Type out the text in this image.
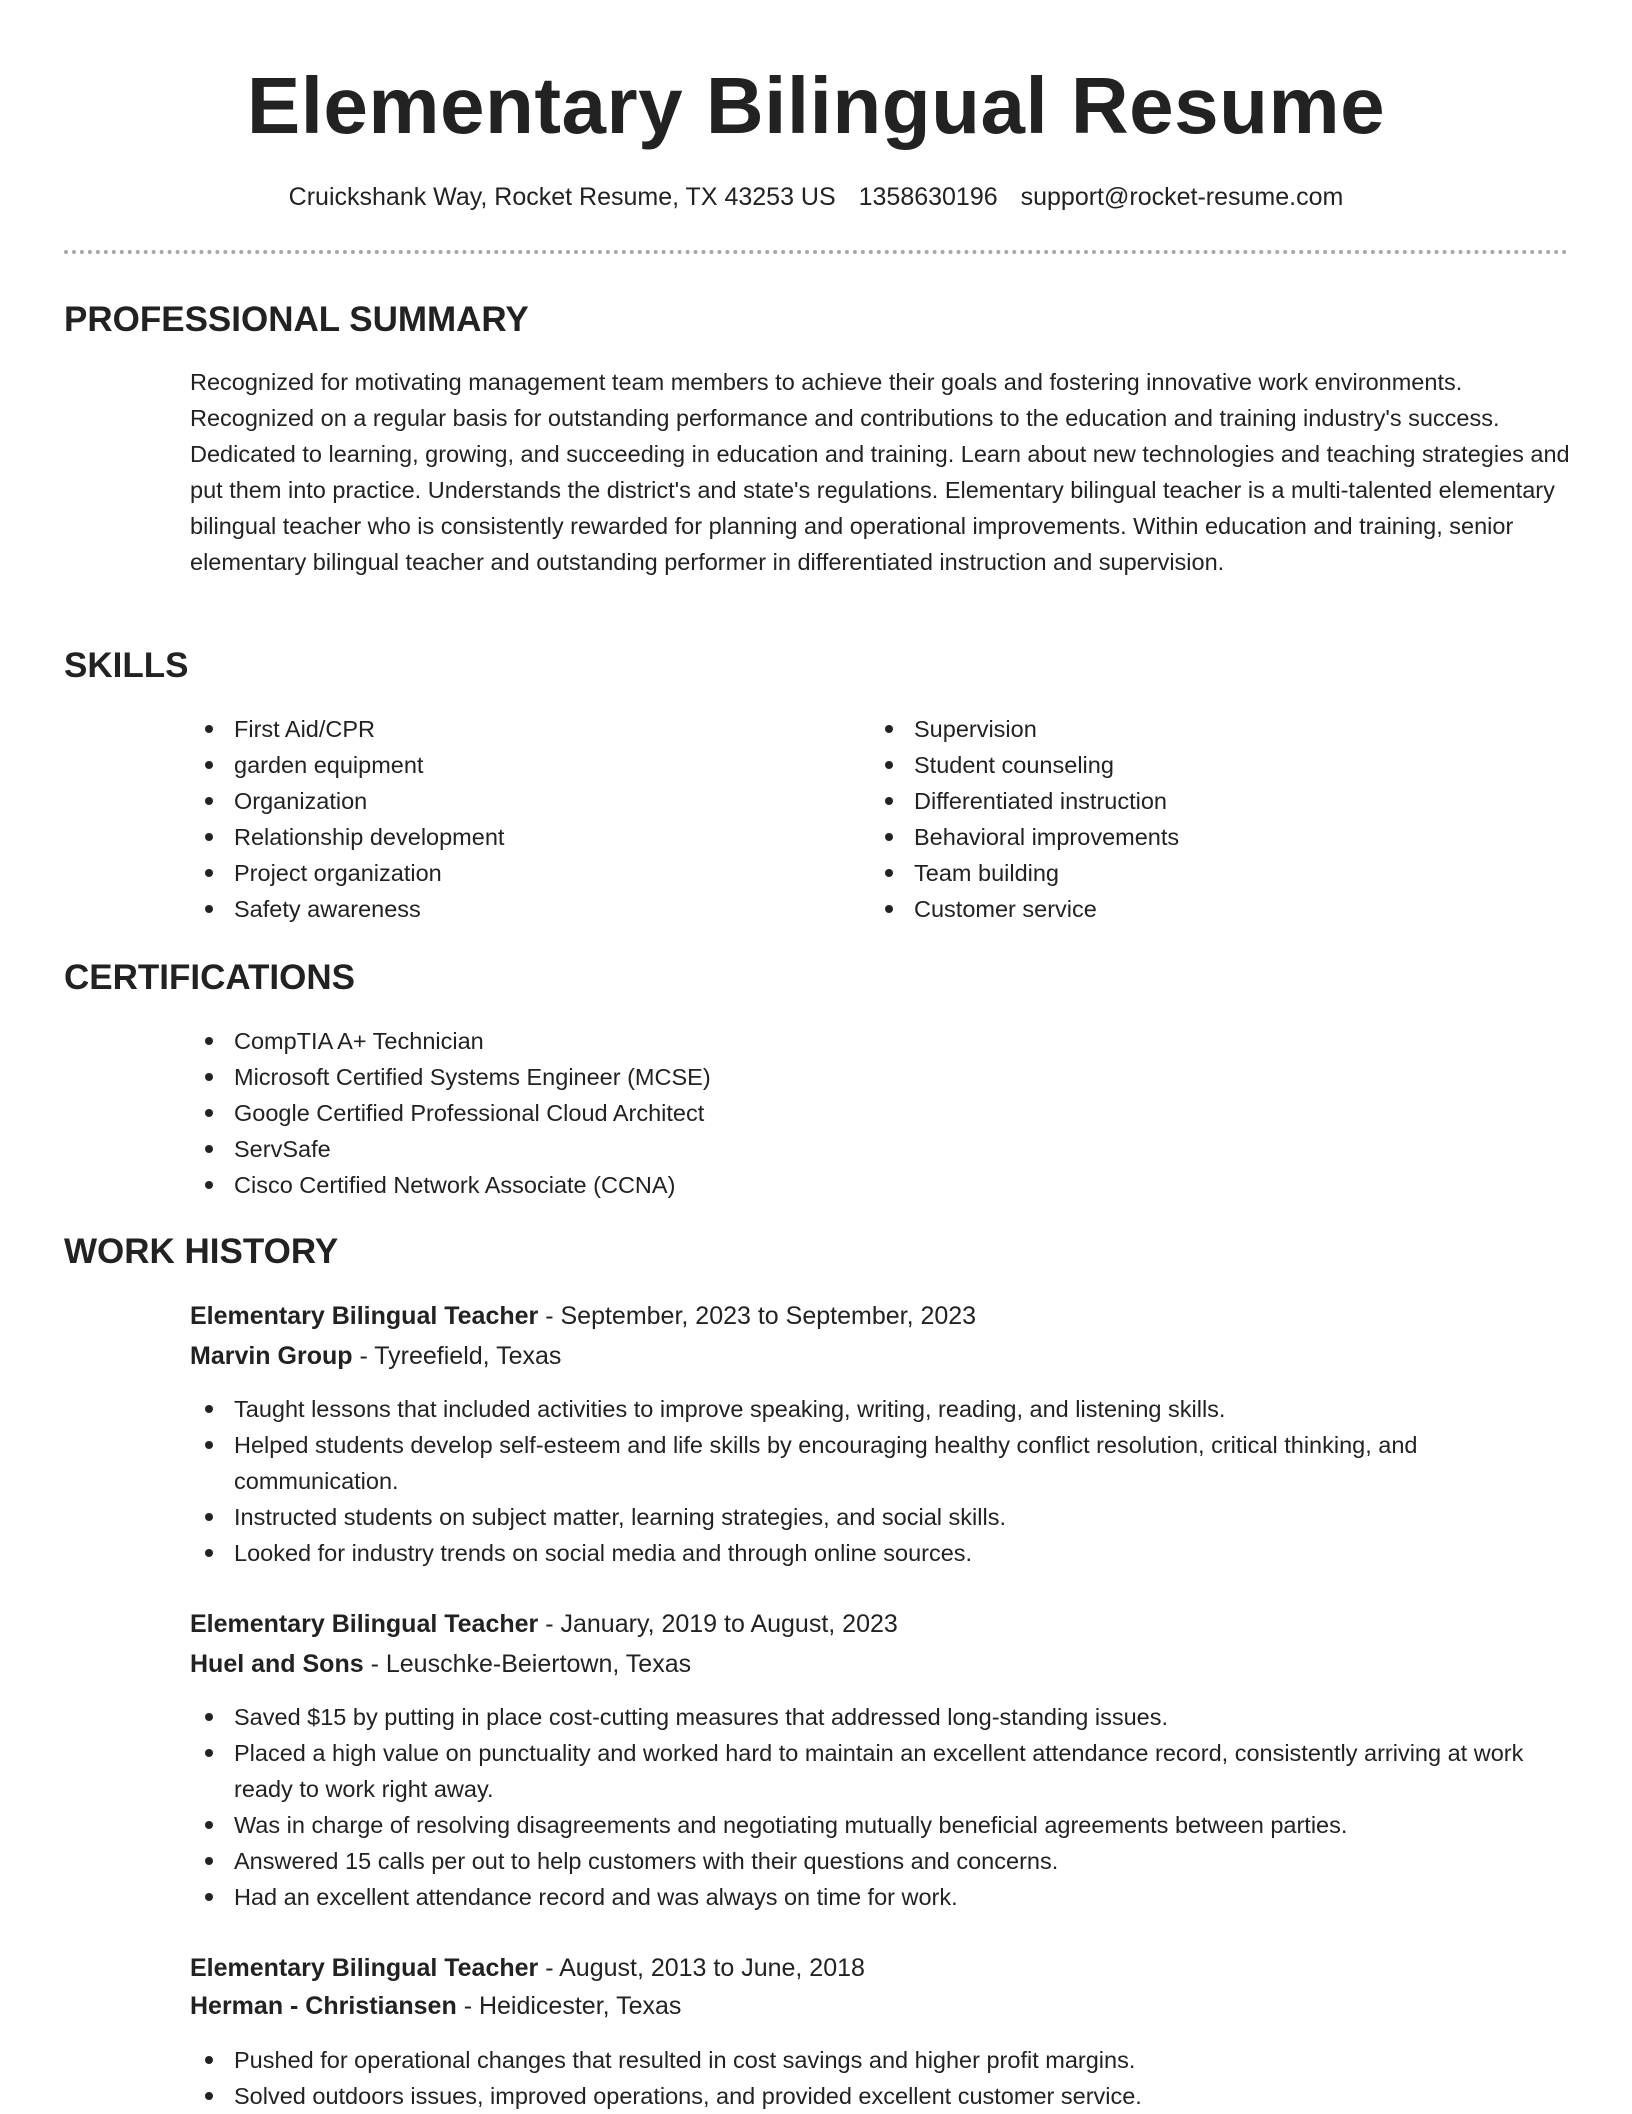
Elementary Bilingual Resume
Cruickshank Way, Rocket Resume, TX 43253 US 1358630196 support@rocket-resume.com
PROFESSIONAL SUMMARY

Recognized for motivating management team members to achieve their goals and fostering innovative work environments. Recognized on a regular basis for outstanding performance and contributions to the education and training industry's success. Dedicated to learning, growing, and succeeding in education and training. Learn about new technologies and teaching strategies and put them into practice. Understands the district's and state's regulations. Elementary bilingual teacher is a multi-talented elementary bilingual teacher who is consistently rewarded for planning and operational improvements. Within education and training, senior elementary bilingual teacher and outstanding performer in differentiated instruction and supervision.

SKILLS
First Aid/CPR
garden equipment
Organization
Relationship development
Project organization
Safety awareness
Supervision
Student counseling
Differentiated instruction
Behavioral improvements
Team building
Customer service
CERTIFICATIONS
CompTIA A+ Technician
Microsoft Certified Systems Engineer (MCSE)
Google Certified Professional Cloud Architect
ServSafe
Cisco Certified Network Associate (CCNA)
WORK HISTORY
Elementary Bilingual Teacher - September, 2023 to September, 2023
Marvin Group - Tyreefield, Texas
Taught lessons that included activities to improve speaking, writing, reading, and listening skills.
Helped students develop self-esteem and life skills by encouraging healthy conflict resolution, critical thinking, and communication.
Instructed students on subject matter, learning strategies, and social skills.
Looked for industry trends on social media and through online sources.
Elementary Bilingual Teacher - January, 2019 to August, 2023
Huel and Sons - Leuschke-Beiertown, Texas
Saved $15 by putting in place cost-cutting measures that addressed long-standing issues.
Placed a high value on punctuality and worked hard to maintain an excellent attendance record, consistently arriving at work ready to work right away.
Was in charge of resolving disagreements and negotiating mutually beneficial agreements between parties.
Answered 15 calls per out to help customers with their questions and concerns.
Had an excellent attendance record and was always on time for work.
Elementary Bilingual Teacher - August, 2013 to June, 2018
Herman - Christiansen - Heidicester, Texas
Pushed for operational changes that resulted in cost savings and higher profit margins.
Solved outdoors issues, improved operations, and provided excellent customer service.
